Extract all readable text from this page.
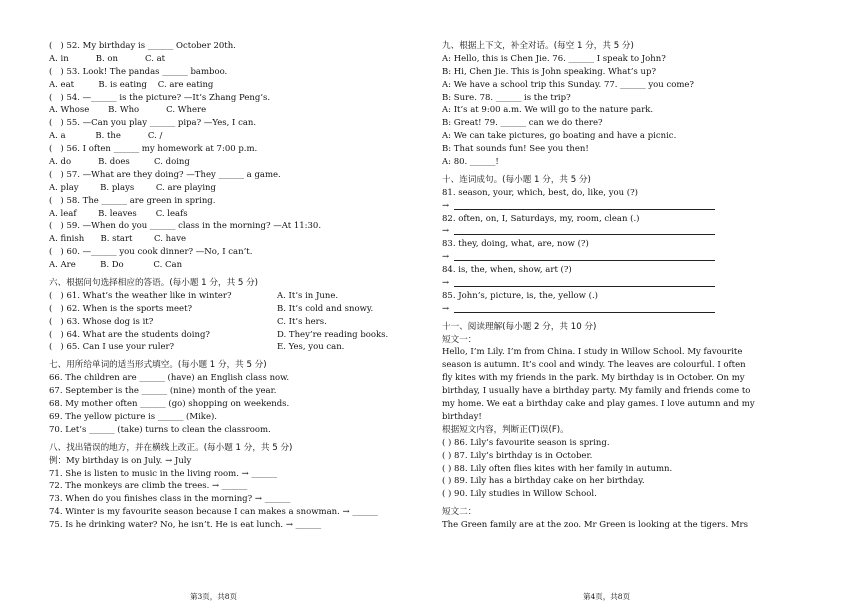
(   ) 52. My birthday is ______ October 20th.
A. in          B. on          C. at
(   ) 53. Look! The pandas ______ bamboo.
A. eat         B. is eating    C. are eating
(   ) 54. —______ is the picture? —It’s Zhang Peng’s.
A. Whose       B. Who          C. Where
(   ) 55. —Can you play ______ pipa? —Yes, I can.
A. a           B. the          C. /
(   ) 56. I often ______ my homework at 7:00 p.m.
A. do          B. does         C. doing
(   ) 57. —What are they doing? —They ______ a game.
A. play        B. plays        C. are playing
(   ) 58. The ______ are green in spring.
A. leaf        B. leaves       C. leafs
(   ) 59. —When do you ______ class in the morning? —At 11:30.
A. finish      B. start        C. have
(   ) 60. —______ you cook dinner? —No, I can’t.
A. Are         B. Do           C. Can
六、根据问句选择相应的答语。(每小题 1 分，共 5 分)
(   ) 61. What’s the weather like in winter?	A. It’s in June.
(   ) 62. When is the sports meet?	B. It’s cold and snowy.
(   ) 63. Whose dog is it?	C. It’s hers.
(   ) 64. What are the students doing?	D. They’re reading books.
(   ) 65. Can I use your ruler?	E. Yes, you can.
七、用所给单词的适当形式填空。(每小题 1 分，共 5 分)
66. The children are ______ (have) an English class now.
67. September is the ______ (nine) month of the year.
68. My mother often ______ (go) shopping on weekends.
69. The yellow picture is ______ (Mike).
70. Let’s ______ (take) turns to clean the classroom.
八、找出错误的地方，并在横线上改正。(每小题 1 分，共 5 分)
例：My birthday is on July. → July
71. She is listen to music in the living room. → ______
72. The monkeys are climb the trees. → ______
73. When do you finishes class in the morning? → ______
74. Winter is my favourite season because I can makes a snowman. → ______
75. Is he drinking water? No, he isn’t. He is eat lunch. → ______
九、根据上下文，补全对话。(每空 1 分，共 5 分)
A: Hello, this is Chen Jie. 76. ______ I speak to John?
B: Hi, Chen Jie. This is John speaking. What’s up?
A: We have a school trip this Sunday. 77. ______ you come?
B: Sure. 78. ______ is the trip?
A: It’s at 9:00 a.m. We will go to the nature park.
B: Great! 79. ______ can we do there?
A: We can take pictures, go boating and have a picnic.
B: That sounds fun! See you then!
A: 80. ______!
十、连词成句。(每小题 1 分，共 5 分)
81. season, your, which, best, do, like, you (?)
→
82. often, on, I, Saturdays, my, room, clean (.)
→
83. they, doing, what, are, now (?)
→
84. is, the, when, show, art (?)
→
85. John’s, picture, is, the, yellow (.)
→
十一、阅读理解(每小题 2 分，共 10 分)
短文一：
Hello, I’m Lily. I’m from China. I study in Willow School. My favourite
season is autumn. It’s cool and windy. The leaves are colourful. I often
fly kites with my friends in the park. My birthday is in October. On my
birthday, I usually have a birthday party. My family and friends come to
my home. We eat a birthday cake and play games. I love autumn and my
birthday!
根据短文内容，判断正(T)误(F)。
( ) 86. Lily’s favourite season is spring.
( ) 87. Lily’s birthday is in October.
( ) 88. Lily often flies kites with her family in autumn.
( ) 89. Lily has a birthday cake on her birthday.
( ) 90. Lily studies in Willow School.
短文二：
The Green family are at the zoo. Mr Green is looking at the tigers. Mrs
第3页，共8页	第4页，共8页
